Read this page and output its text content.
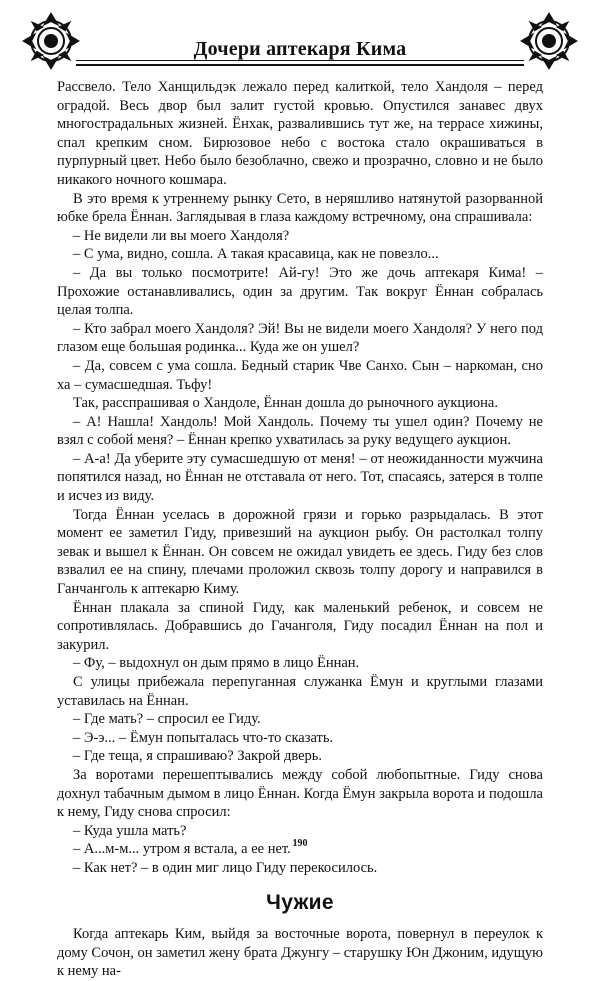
Дочери аптекаря Кима

Рассвело. Тело Ханщильдэк лежало перед калиткой, тело Хандоля – перед оградой. Весь двор был залит густой кровью. Опустился занавес двух многострадальных жизней. Ёнхак, развалившись тут же, на террасе хижины, спал крепким сном. Бирюзовое небо с востока стало окрашиваться в пурпурный цвет. Небо было безоблачно, свежо и прозрачно, словно и не было никакого ночного кошмара.

В это время к утреннему рынку Сето, в неряшливо натянутой разорванной юбке брела Ённан. Заглядывая в глаза каждому встречному, она спрашивала:

– Не видели ли вы моего Хандоля?

– С ума, видно, сошла. А такая красавица, как не повезло...

– Да вы только посмотрите! Ай-гу! Это же дочь аптекаря Кима! – Прохожие останавливались, один за другим. Так вокруг Ённан собралась целая толпа.

– Кто забрал моего Хандоля? Эй! Вы не видели моего Хандоля? У него под глазом еще большая родинка... Куда же он ушел?

– Да, совсем с ума сошла. Бедный старик Чве Санхо. Сын – наркоман, сно ха – сумасшедшая. Тьфу!

Так, расспрашивая о Хандоле, Ённан дошла до рыночного аукциона.

– А! Нашла! Хандоль! Мой Хандоль. Почему ты ушел один? Почему не взял с собой меня? – Ённан крепко ухватилась за руку ведущего аукцион.

– А-а! Да уберите эту сумасшедшую от меня! – от неожиданности мужчина попятился назад, но Ённан не отставала от него. Тот, спасаясь, затерся в толпе и исчез из виду.

Тогда Ённан уселась в дорожной грязи и горько разрыдалась. В этот момент ее заметил Гиду, привезший на аукцион рыбу. Он растолкал толпу зевак и вышел к Ённан. Он совсем не ожидал увидеть ее здесь. Гиду без слов взвалил ее на спину, плечами проложил сквозь толпу дорогу и направился в Ганчанголь к аптекарю Киму.

Ённан плакала за спиной Гиду, как маленький ребенок, и совсем не сопротивлялась. Добравшись до Гачанголя, Гиду посадил Ённан на пол и закурил.

– Фу, – выдохнул он дым прямо в лицо Ённан.

С улицы прибежала перепуганная служанка Ёмун и круглыми глазами уставилась на Ённан.

– Где мать? – спросил ее Гиду.

– Э-э... – Ёмун попыталась что-то сказать.

– Где теща, я спрашиваю? Закрой дверь.

За воротами перешептывались между собой любопытные. Гиду снова дохнул табачным дымом в лицо Ённан. Когда Ёмун закрыла ворота и подошла к нему, Гиду снова спросил:

– Куда ушла мать?

– А...м-м... утром я встала, а ее нет.

– Как нет? – в один миг лицо Гиду перекосилось.

Чужие

Когда аптекарь Ким, выйдя за восточные ворота, повернул в переулок к дому Сочон, он заметил жену брата Джунгу – старушку Юн Джоним, идущую к нему на-

190
